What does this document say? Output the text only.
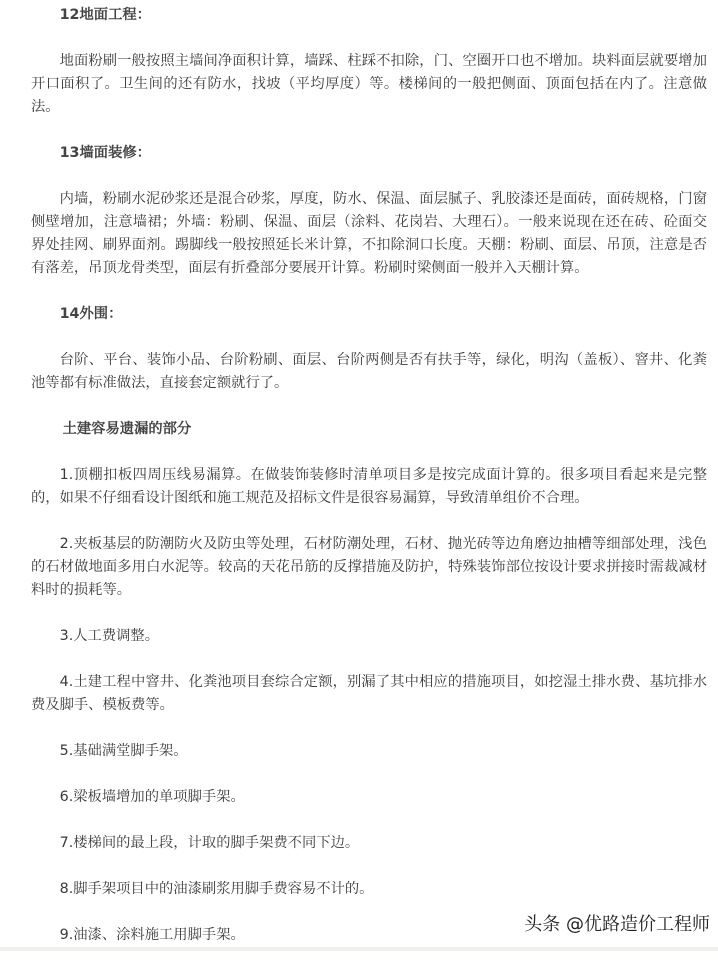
12地面工程：

地面粉刷一般按照主墙间净面积计算，墙踩、柱踩不扣除，门、空圈开口也不增加。块料面层就要增加开口面积了。卫生间的还有防水，找坡（平均厚度）等。楼梯间的一般把侧面、顶面包括在内了。注意做法。

13墙面装修：

内墙，粉刷水泥砂浆还是混合砂浆，厚度，防水、保温、面层腻子、乳胶漆还是面砖，面砖规格，门窗侧壁增加，注意墙裙；外墙：粉刷、保温、面层（涂料、花岗岩、大理石）。一般来说现在还在砖、砼面交界处挂网、刷界面剂。踢脚线一般按照延长米计算，不扣除洞口长度。天棚：粉刷、面层、吊顶，注意是否有落差，吊顶龙骨类型，面层有折叠部分要展开计算。粉刷时梁侧面一般并入天棚计算。

14外围：

台阶、平台、装饰小品、台阶粉刷、面层、台阶两侧是否有扶手等，绿化，明沟（盖板）、窨井、化粪池等都有标准做法，直接套定额就行了。

土建容易遗漏的部分

1.顶棚扣板四周压线易漏算。在做装饰装修时清单项目多是按完成面计算的。很多项目看起来是完整的，如果不仔细看设计图纸和施工规范及招标文件是很容易漏算，导致清单组价不合理。

2.夹板基层的防潮防火及防虫等处理，石材防潮处理，石材、抛光砖等边角磨边抽槽等细部处理，浅色的石材做地面多用白水泥等。较高的天花吊筋的反撑措施及防护，特殊装饰部位按设计要求拼接时需裁减材料时的损耗等。

3.人工费调整。

4.土建工程中窨井、化粪池项目套综合定额，别漏了其中相应的措施项目，如挖湿土排水费、基坑排水费及脚手、模板费等。

5.基础满堂脚手架。

6.梁板墙增加的单项脚手架。

7.楼梯间的最上段，计取的脚手架费不同下边。

8.脚手架项目中的油漆刷浆用脚手费容易不计的。

9.油漆、涂料施工用脚手架。	头条 @优路造价工程师
